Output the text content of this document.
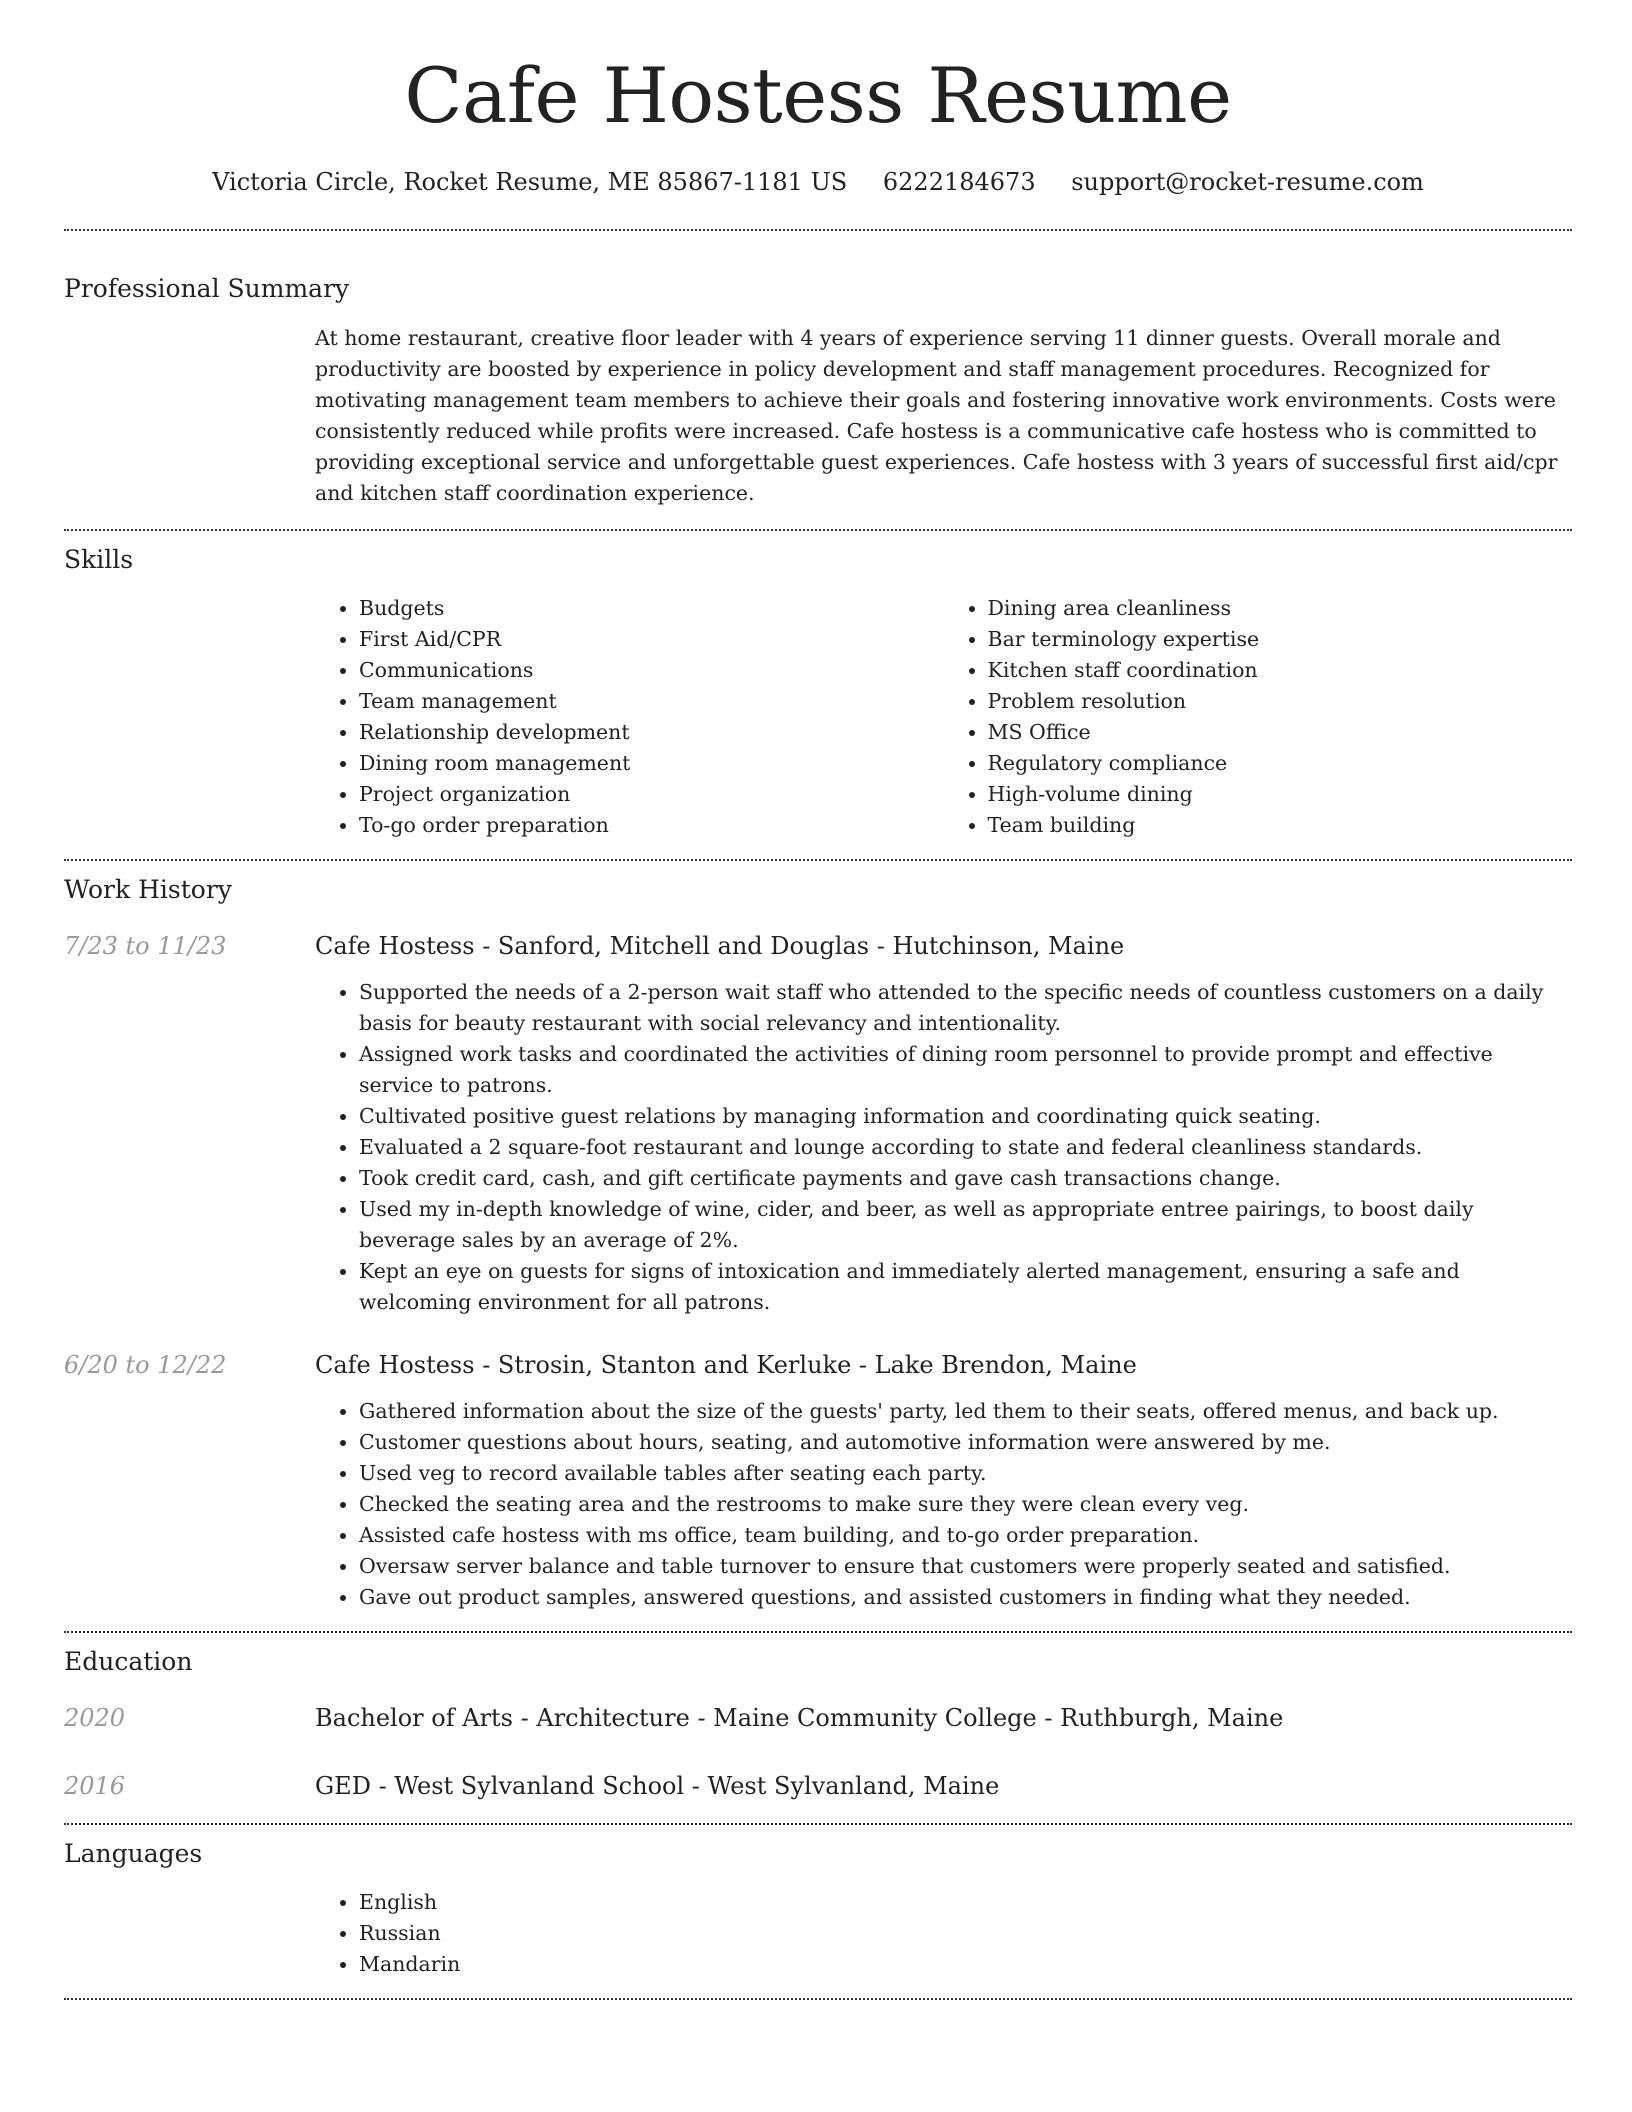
Cafe Hostess Resume
Victoria Circle, Rocket Resume, ME 85867-1181 US 6222184673 support@rocket-resume.com
Professional Summary

At home restaurant, creative floor leader with 4 years of experience serving 11 dinner guests. Overall morale and productivity are boosted by experience in policy development and staff management procedures. Recognized for motivating management team members to achieve their goals and fostering innovative work environments. Costs were consistently reduced while profits were increased. Cafe hostess is a communicative cafe hostess who is committed to providing exceptional service and unforgettable guest experiences. Cafe hostess with 3 years of successful first aid/cpr and kitchen staff coordination experience.

Skills
• Budgets
• First Aid/CPR
• Communications
• Team management
• Relationship development
• Dining room management
• Project organization
• To-go order preparation
• Dining area cleanliness
• Bar terminology expertise
• Kitchen staff coordination
• Problem resolution
• MS Office
• Regulatory compliance
• High-volume dining
• Team building
Work History
7/23 to 11/23	Cafe Hostess - Sanford, Mitchell and Douglas - Hutchinson, Maine
• Supported the needs of a 2-person wait staff who attended to the specific needs of countless customers on a daily basis for beauty restaurant with social relevancy and intentionality.
• Assigned work tasks and coordinated the activities of dining room personnel to provide prompt and effective service to patrons.
• Cultivated positive guest relations by managing information and coordinating quick seating.
• Evaluated a 2 square-foot restaurant and lounge according to state and federal cleanliness standards.
• Took credit card, cash, and gift certificate payments and gave cash transactions change.
• Used my in-depth knowledge of wine, cider, and beer, as well as appropriate entree pairings, to boost daily beverage sales by an average of 2%.
• Kept an eye on guests for signs of intoxication and immediately alerted management, ensuring a safe and welcoming environment for all patrons.
6/20 to 12/22	Cafe Hostess - Strosin, Stanton and Kerluke - Lake Brendon, Maine
• Gathered information about the size of the guests' party, led them to their seats, offered menus, and back up.
• Customer questions about hours, seating, and automotive information were answered by me.
• Used veg to record available tables after seating each party.
• Checked the seating area and the restrooms to make sure they were clean every veg.
• Assisted cafe hostess with ms office, team building, and to-go order preparation.
• Oversaw server balance and table turnover to ensure that customers were properly seated and satisfied.
• Gave out product samples, answered questions, and assisted customers in finding what they needed.
Education
2020	Bachelor of Arts - Architecture - Maine Community College - Ruthburgh, Maine
2016	GED - West Sylvanland School - West Sylvanland, Maine
Languages
• English
• Russian
• Mandarin
